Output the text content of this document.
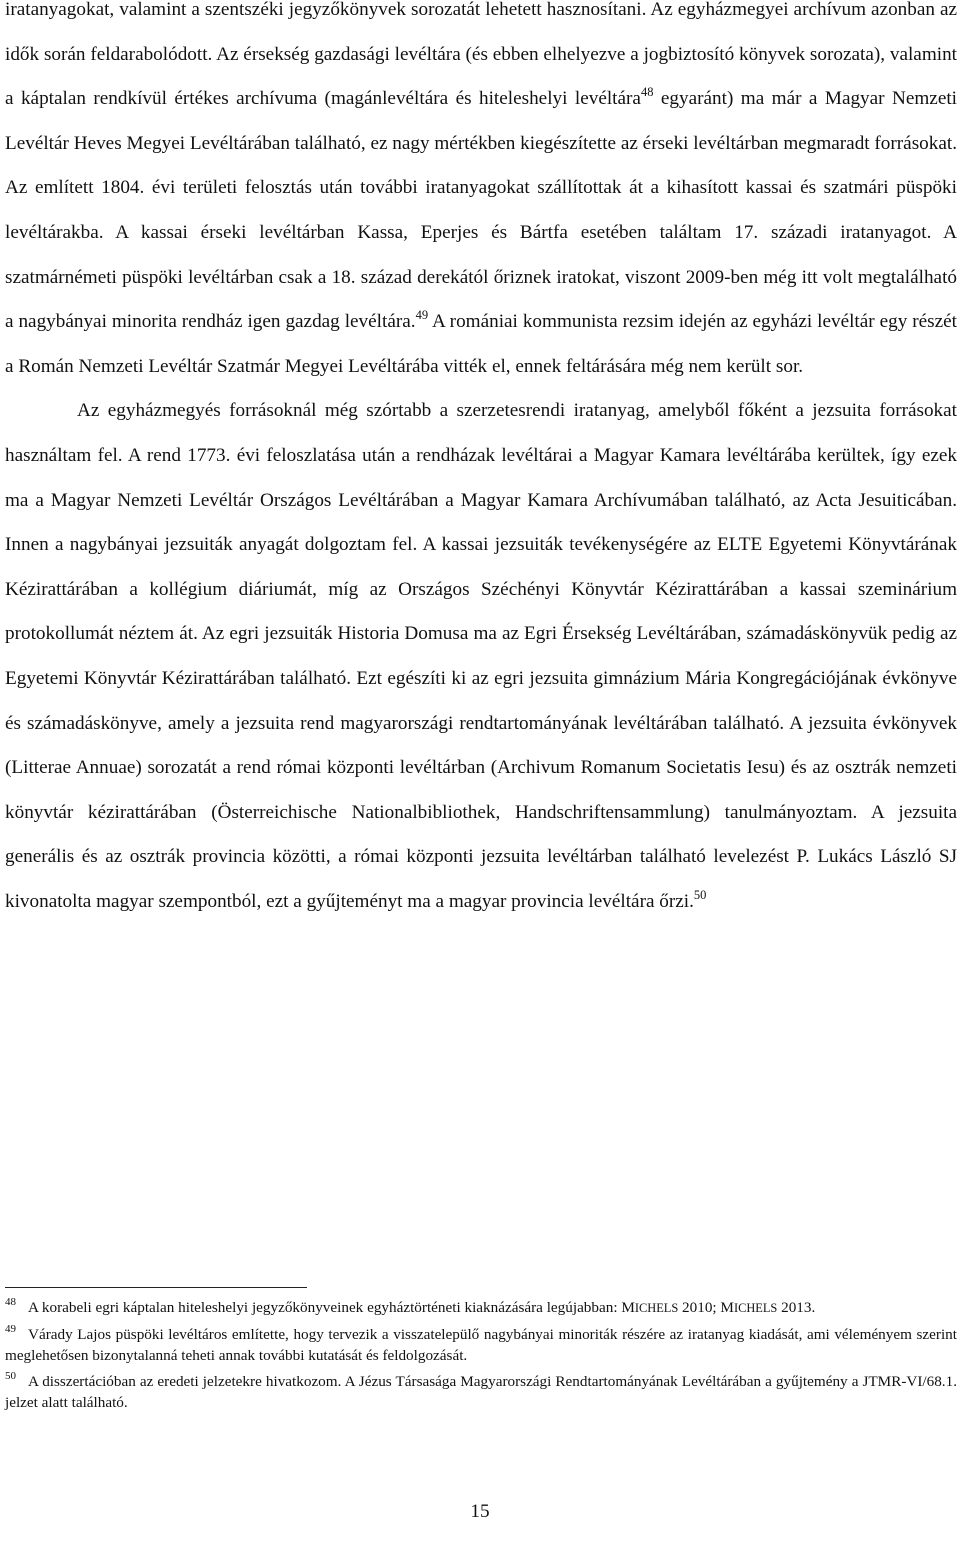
iratanyagokat, valamint a szentszéki jegyzőkönyvek sorozatát lehetett hasznosítani. Az egyházmegyei archívum azonban az idők során feldarabolódott. Az érsekség gazdasági levéltára (és ebben elhelyezve a jogbiztosító könyvek sorozata), valamint a káptalan rendkívül értékes archívuma (magánlevéltára és hiteleshelyi levéltára$^{48}$ egyaránt) ma már a Magyar Nemzeti Levéltár Heves Megyei Levéltárában található, ez nagy mértékben kiegészítette az érseki levéltárban megmaradt forrásokat. Az említett 1804. évi területi felosztás után további iratanyagokat szállítottak át a kihasított kassai és szatmári püspöki levéltárakba. A kassai érseki levéltárban Kassa, Eperjes és Bártfa esetében találtam 17. századi iratanyagot. A szatmárnémeti püspöki levéltárban csak a 18. század derekától őriznek iratokat, viszont 2009-ben még itt volt megtalálható a nagybányai minorita rendház igen gazdag levéltára.$^{49}$ A romániai kommunista rezsim idején az egyházi levéltár egy részét a Román Nemzeti Levéltár Szatmár Megyei Levéltárába vitték el, ennek feltárására még nem került sor.

Az egyházmegyés forrásoknál még szórtabb a szerzetesrendi iratanyag, amelyből főként a jezsuita forrásokat használtam fel. A rend 1773. évi feloszlatása után a rendházak levéltárai a Magyar Kamara levéltárába kerültek, így ezek ma a Magyar Nemzeti Levéltár Országos Levéltárában a Magyar Kamara Archívumában található, az Acta Jesuiticában. Innen a nagybányai jezsuiták anyagát dolgoztam fel. A kassai jezsuiták tevékenységére az ELTE Egyetemi Könyvtárának Kézirattárában a kollégium diáriumát, míg az Országos Széchényi Könyvtár Kézirattárában a kassai szeminárium protokollumát néztem át. Az egri jezsuiták Historia Domusa ma az Egri Érsekség Levéltárában, számadáskönyvük pedig az Egyetemi Könyvtár Kézirattárában található. Ezt egészíti ki az egri jezsuita gimnázium Mária Kongregációjának évkönyve és számadáskönyve, amely a jezsuita rend magyarországi rendtartományának levéltárában található. A jezsuita évkönyvek (Litterae Annuae) sorozatát a rend római központi levéltárban (Archivum Romanum Societatis Iesu) és az osztrák nemzeti könyvtár kézirattárában (Österreichische Nationalbibliothek, Handschriftensammlung) tanulmányoztam. A jezsuita generális és az osztrák provincia közötti, a római központi jezsuita levéltárban található levelezést P. Lukács László SJ kivonatolta magyar szempontból, ezt a gyűjteményt ma a magyar provincia levéltára őrzi.$^{50}$

$^{48}$ A korabeli egri káptalan hiteleshelyi jegyzőkönyveinek egyháztörténeti kiaknázására legújabban: MICHELS 2010; MICHELS 2013.

$^{49}$ Várady Lajos püspöki levéltáros említette, hogy tervezik a visszatelepülő nagybányai minoriták részére az iratanyag kiadását, ami véleményem szerint meglehetősen bizonytalanná teheti annak további kutatását és feldolgozását.

$^{50}$ A disszertációban az eredeti jelzetekre hivatkozom. A Jézus Társasága Magyarországi Rendtartományának Levéltárában a gyűjtemény a JTMR-VI/68.1. jelzet alatt található.

15
